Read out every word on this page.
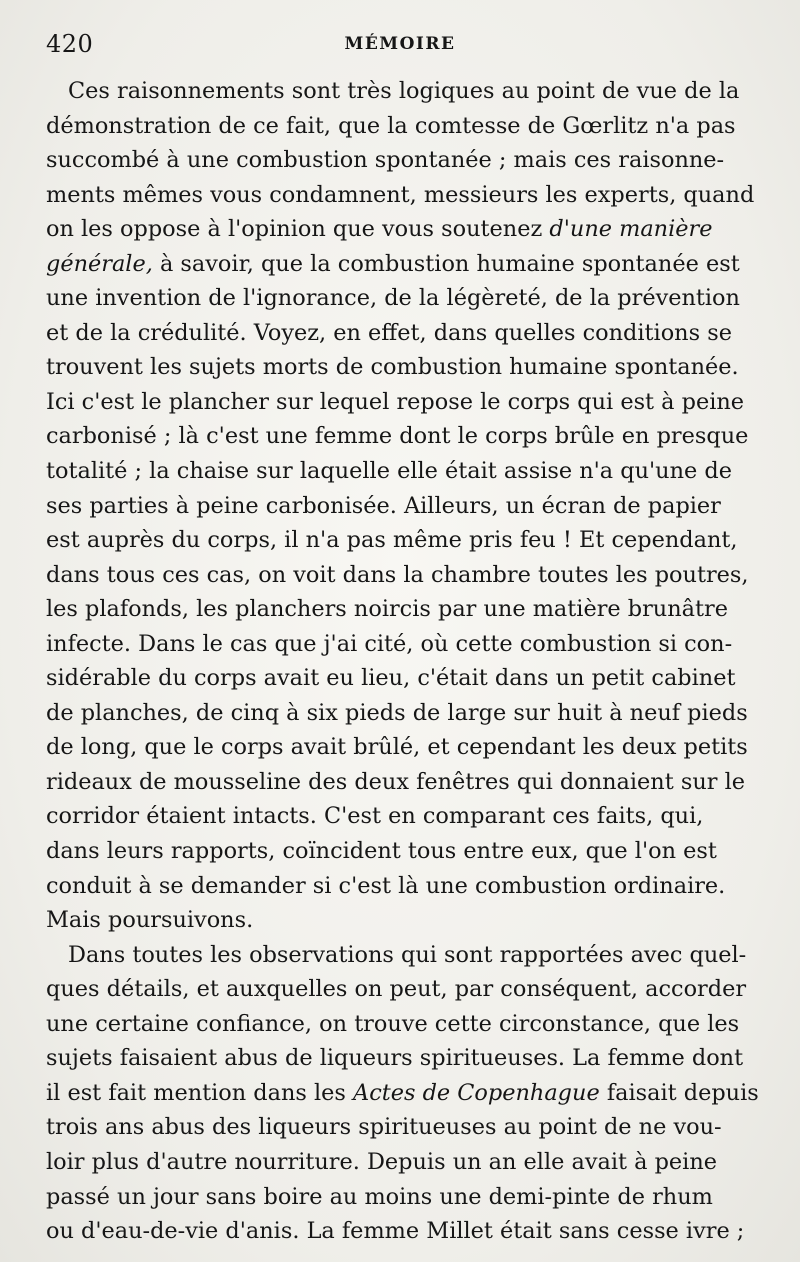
420	MÉMOIRE
Ces raisonnements sont très logiques au point de vue de la
démonstration de ce fait, que la comtesse de Gœrlitz n'a pas
succombé à une combustion spontanée ; mais ces raisonne-
ments mêmes vous condamnent, messieurs les experts, quand
on les oppose à l'opinion que vous soutenez d'une manière
générale, à savoir, que la combustion humaine spontanée est
une invention de l'ignorance, de la légèreté, de la prévention
et de la crédulité. Voyez, en effet, dans quelles conditions se
trouvent les sujets morts de combustion humaine spontanée.
Ici c'est le plancher sur lequel repose le corps qui est à peine
carbonisé ; là c'est une femme dont le corps brûle en presque
totalité ; la chaise sur laquelle elle était assise n'a qu'une de
ses parties à peine carbonisée. Ailleurs, un écran de papier
est auprès du corps, il n'a pas même pris feu ! Et cependant,
dans tous ces cas, on voit dans la chambre toutes les poutres,
les plafonds, les planchers noircis par une matière brunâtre
infecte. Dans le cas que j'ai cité, où cette combustion si con-
sidérable du corps avait eu lieu, c'était dans un petit cabinet
de planches, de cinq à six pieds de large sur huit à neuf pieds
de long, que le corps avait brûlé, et cependant les deux petits
rideaux de mousseline des deux fenêtres qui donnaient sur le
corridor étaient intacts. C'est en comparant ces faits, qui,
dans leurs rapports, coïncident tous entre eux, que l'on est
conduit à se demander si c'est là une combustion ordinaire.
Mais poursuivons.
Dans toutes les observations qui sont rapportées avec quel-
ques détails, et auxquelles on peut, par conséquent, accorder
une certaine confiance, on trouve cette circonstance, que les
sujets faisaient abus de liqueurs spiritueuses. La femme dont
il est fait mention dans les Actes de Copenhague faisait depuis
trois ans abus des liqueurs spiritueuses au point de ne vou-
loir plus d'autre nourriture. Depuis un an elle avait à peine
passé un jour sans boire au moins une demi-pinte de rhum
ou d'eau-de-vie d'anis. La femme Millet était sans cesse ivre ;
